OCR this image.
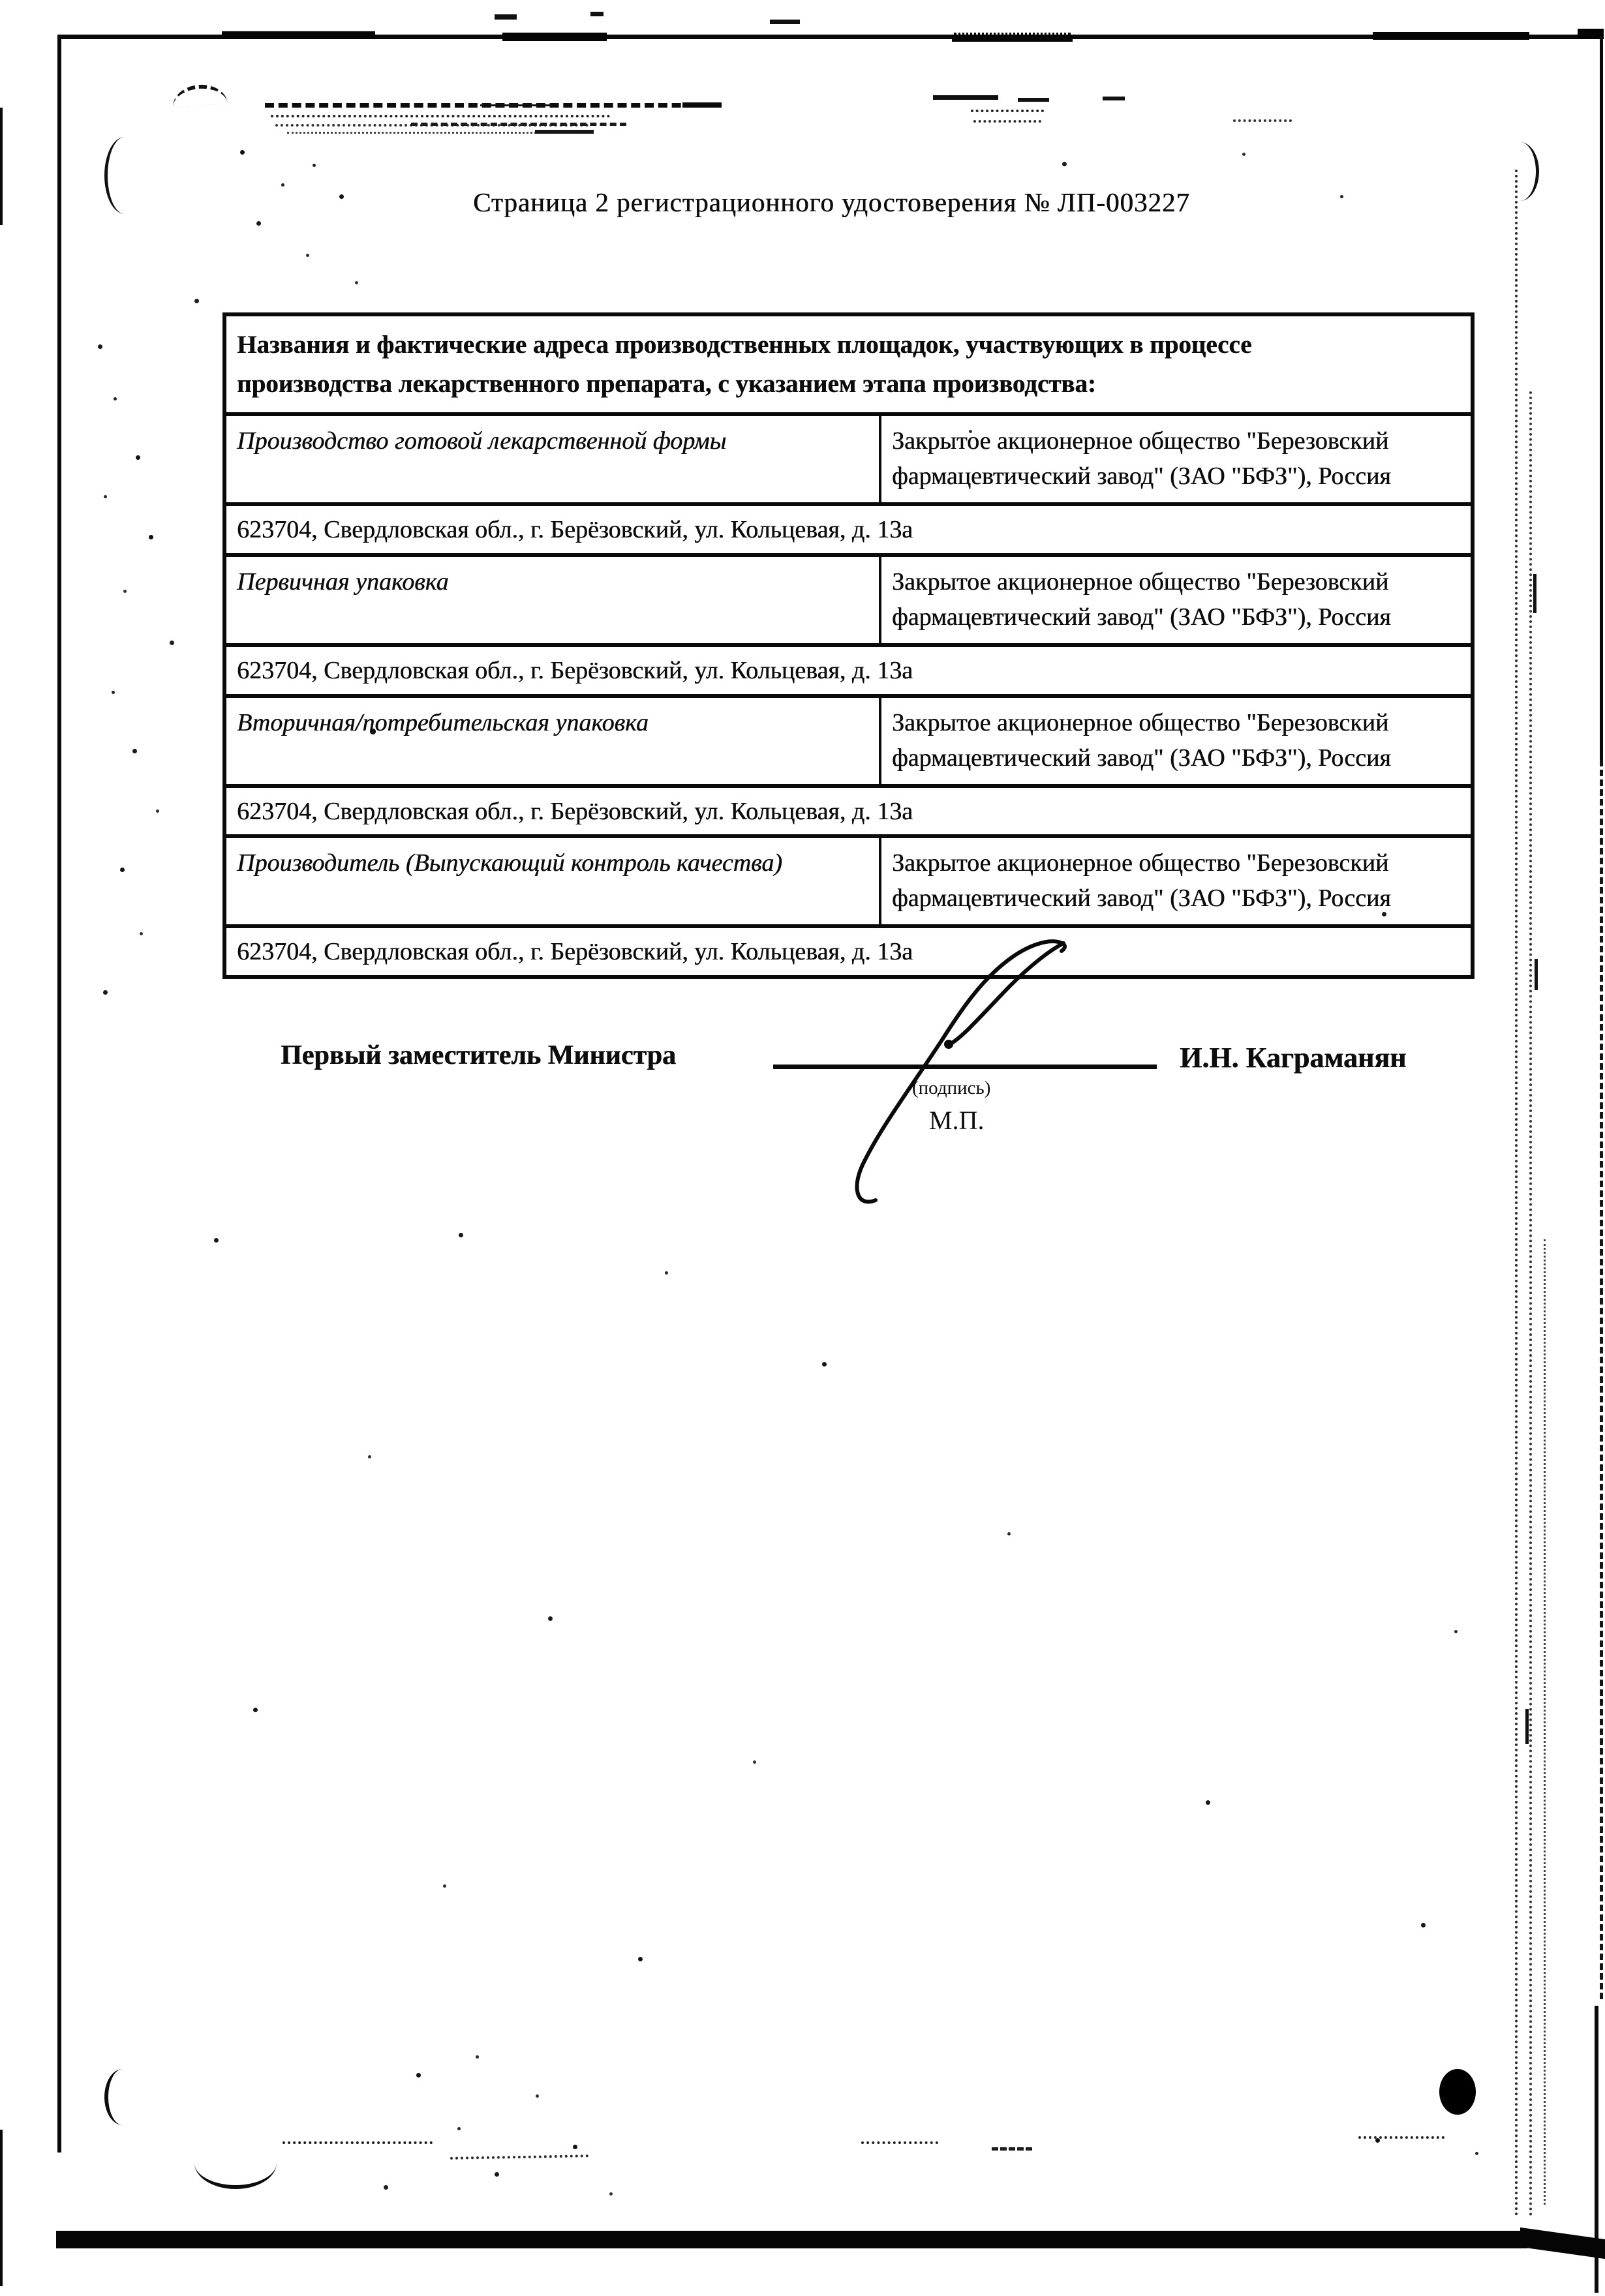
Страница 2 регистрационного удостоверения № ЛП-003227
Названия и фактические адреса производственных площадок, участвующих в процессе
производства лекарственного препарата, с указанием этапа производства:	
Производство готовой лекарственной формы	Закрытое акционерное общество "Березовский фармацевтический завод" (ЗАО "БФЗ"), Россия
623704, Свердловская обл., г. Берёзовский, ул. Кольцевая, д. 13а	
Первичная упаковка	Закрытое акционерное общество "Березовский фармацевтический завод" (ЗАО "БФЗ"), Россия
623704, Свердловская обл., г. Берёзовский, ул. Кольцевая, д. 13а	
Вторичная/потребительская упаковка	Закрытое акционерное общество "Березовский фармацевтический завод" (ЗАО "БФЗ"), Россия
623704, Свердловская обл., г. Берёзовский, ул. Кольцевая, д. 13а	
Производитель (Выпускающий контроль качества)	Закрытое акционерное общество "Березовский фармацевтический завод" (ЗАО "БФЗ"), Россия
623704, Свердловская обл., г. Берёзовский, ул. Кольцевая, д. 13а	
Первый заместитель Министра
(подпись)
М.П.
И.Н. Каграманян
